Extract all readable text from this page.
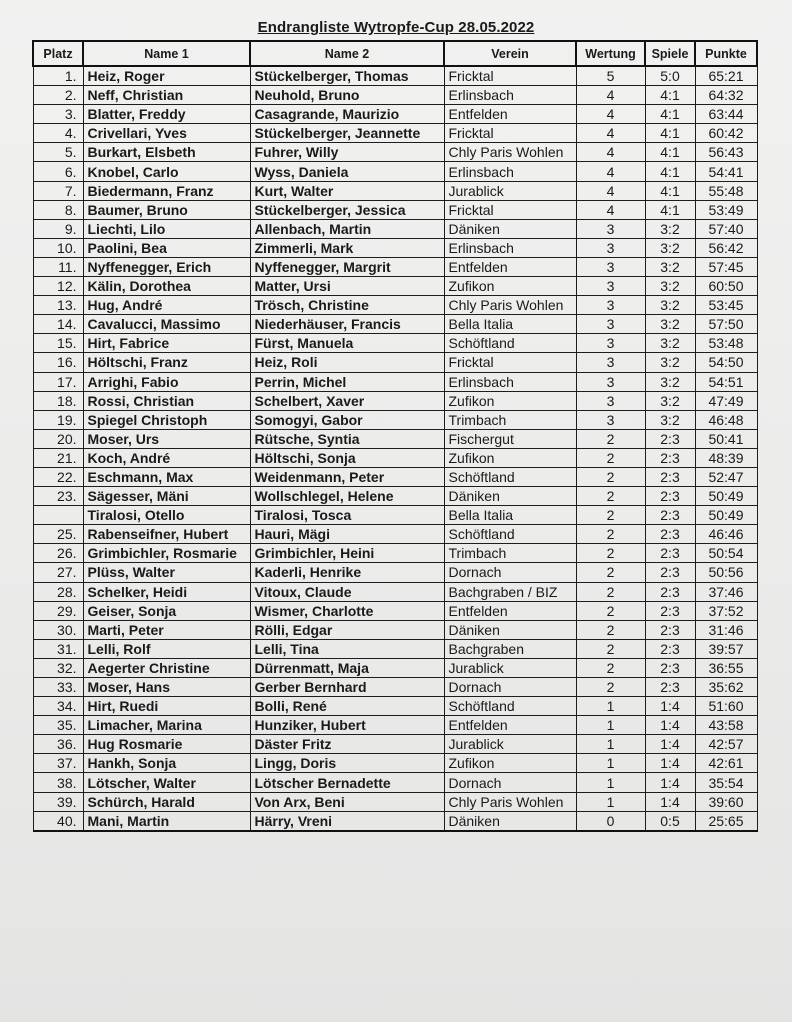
Endrangliste Wytropfe-Cup 28.05.2022
Platz	Name 1	Name 2	Verein	Wertung	Spiele	Punkte
1.	Heiz, Roger	Stückelberger, Thomas	Fricktal	5	5:0	65:21
2.	Neff, Christian	Neuhold, Bruno	Erlinsbach	4	4:1	64:32
3.	Blatter, Freddy	Casagrande, Maurizio	Entfelden	4	4:1	63:44
4.	Crivellari, Yves	Stückelberger, Jeannette	Fricktal	4	4:1	60:42
5.	Burkart, Elsbeth	Fuhrer, Willy	Chly Paris Wohlen	4	4:1	56:43
6.	Knobel, Carlo	Wyss, Daniela	Erlinsbach	4	4:1	54:41
7.	Biedermann, Franz	Kurt, Walter	Jurablick	4	4:1	55:48
8.	Baumer, Bruno	Stückelberger, Jessica	Fricktal	4	4:1	53:49
9.	Liechti, Lilo	Allenbach, Martin	Däniken	3	3:2	57:40
10.	Paolini, Bea	Zimmerli, Mark	Erlinsbach	3	3:2	56:42
11.	Nyffenegger, Erich	Nyffenegger, Margrit	Entfelden	3	3:2	57:45
12.	Kälin, Dorothea	Matter, Ursi	Zufikon	3	3:2	60:50
13.	Hug, André	Trösch, Christine	Chly Paris Wohlen	3	3:2	53:45
14.	Cavalucci, Massimo	Niederhäuser, Francis	Bella Italia	3	3:2	57:50
15.	Hirt, Fabrice	Fürst, Manuela	Schöftland	3	3:2	53:48
16.	Höltschi, Franz	Heiz, Roli	Fricktal	3	3:2	54:50
17.	Arrighi, Fabio	Perrin, Michel	Erlinsbach	3	3:2	54:51
18.	Rossi, Christian	Schelbert, Xaver	Zufikon	3	3:2	47:49
19.	Spiegel Christoph	Somogyi, Gabor	Trimbach	3	3:2	46:48
20.	Moser, Urs	Rütsche, Syntia	Fischergut	2	2:3	50:41
21.	Koch, André	Höltschi, Sonja	Zufikon	2	2:3	48:39
22.	Eschmann, Max	Weidenmann, Peter	Schöftland	2	2:3	52:47
23.	Sägesser, Mäni	Wollschlegel, Helene	Däniken	2	2:3	50:49
	Tiralosi, Otello	Tiralosi, Tosca	Bella Italia	2	2:3	50:49
25.	Rabenseifner, Hubert	Hauri, Mägi	Schöftland	2	2:3	46:46
26.	Grimbichler, Rosmarie	Grimbichler, Heini	Trimbach	2	2:3	50:54
27.	Plüss, Walter	Kaderli, Henrike	Dornach	2	2:3	50:56
28.	Schelker, Heidi	Vitoux, Claude	Bachgraben / BIZ	2	2:3	37:46
29.	Geiser, Sonja	Wismer, Charlotte	Entfelden	2	2:3	37:52
30.	Marti, Peter	Rölli, Edgar	Däniken	2	2:3	31:46
31.	Lelli, Rolf	Lelli, Tina	Bachgraben	2	2:3	39:57
32.	Aegerter Christine	Dürrenmatt, Maja	Jurablick	2	2:3	36:55
33.	Moser, Hans	Gerber Bernhard	Dornach	2	2:3	35:62
34.	Hirt, Ruedi	Bolli, René	Schöftland	1	1:4	51:60
35.	Limacher, Marina	Hunziker, Hubert	Entfelden	1	1:4	43:58
36.	Hug Rosmarie	Däster Fritz	Jurablick	1	1:4	42:57
37.	Hankh, Sonja	Lingg, Doris	Zufikon	1	1:4	42:61
38.	Lötscher, Walter	Lötscher Bernadette	Dornach	1	1:4	35:54
39.	Schürch, Harald	Von Arx, Beni	Chly Paris Wohlen	1	1:4	39:60
40.	Mani, Martin	Härry, Vreni	Däniken	0	0:5	25:65
